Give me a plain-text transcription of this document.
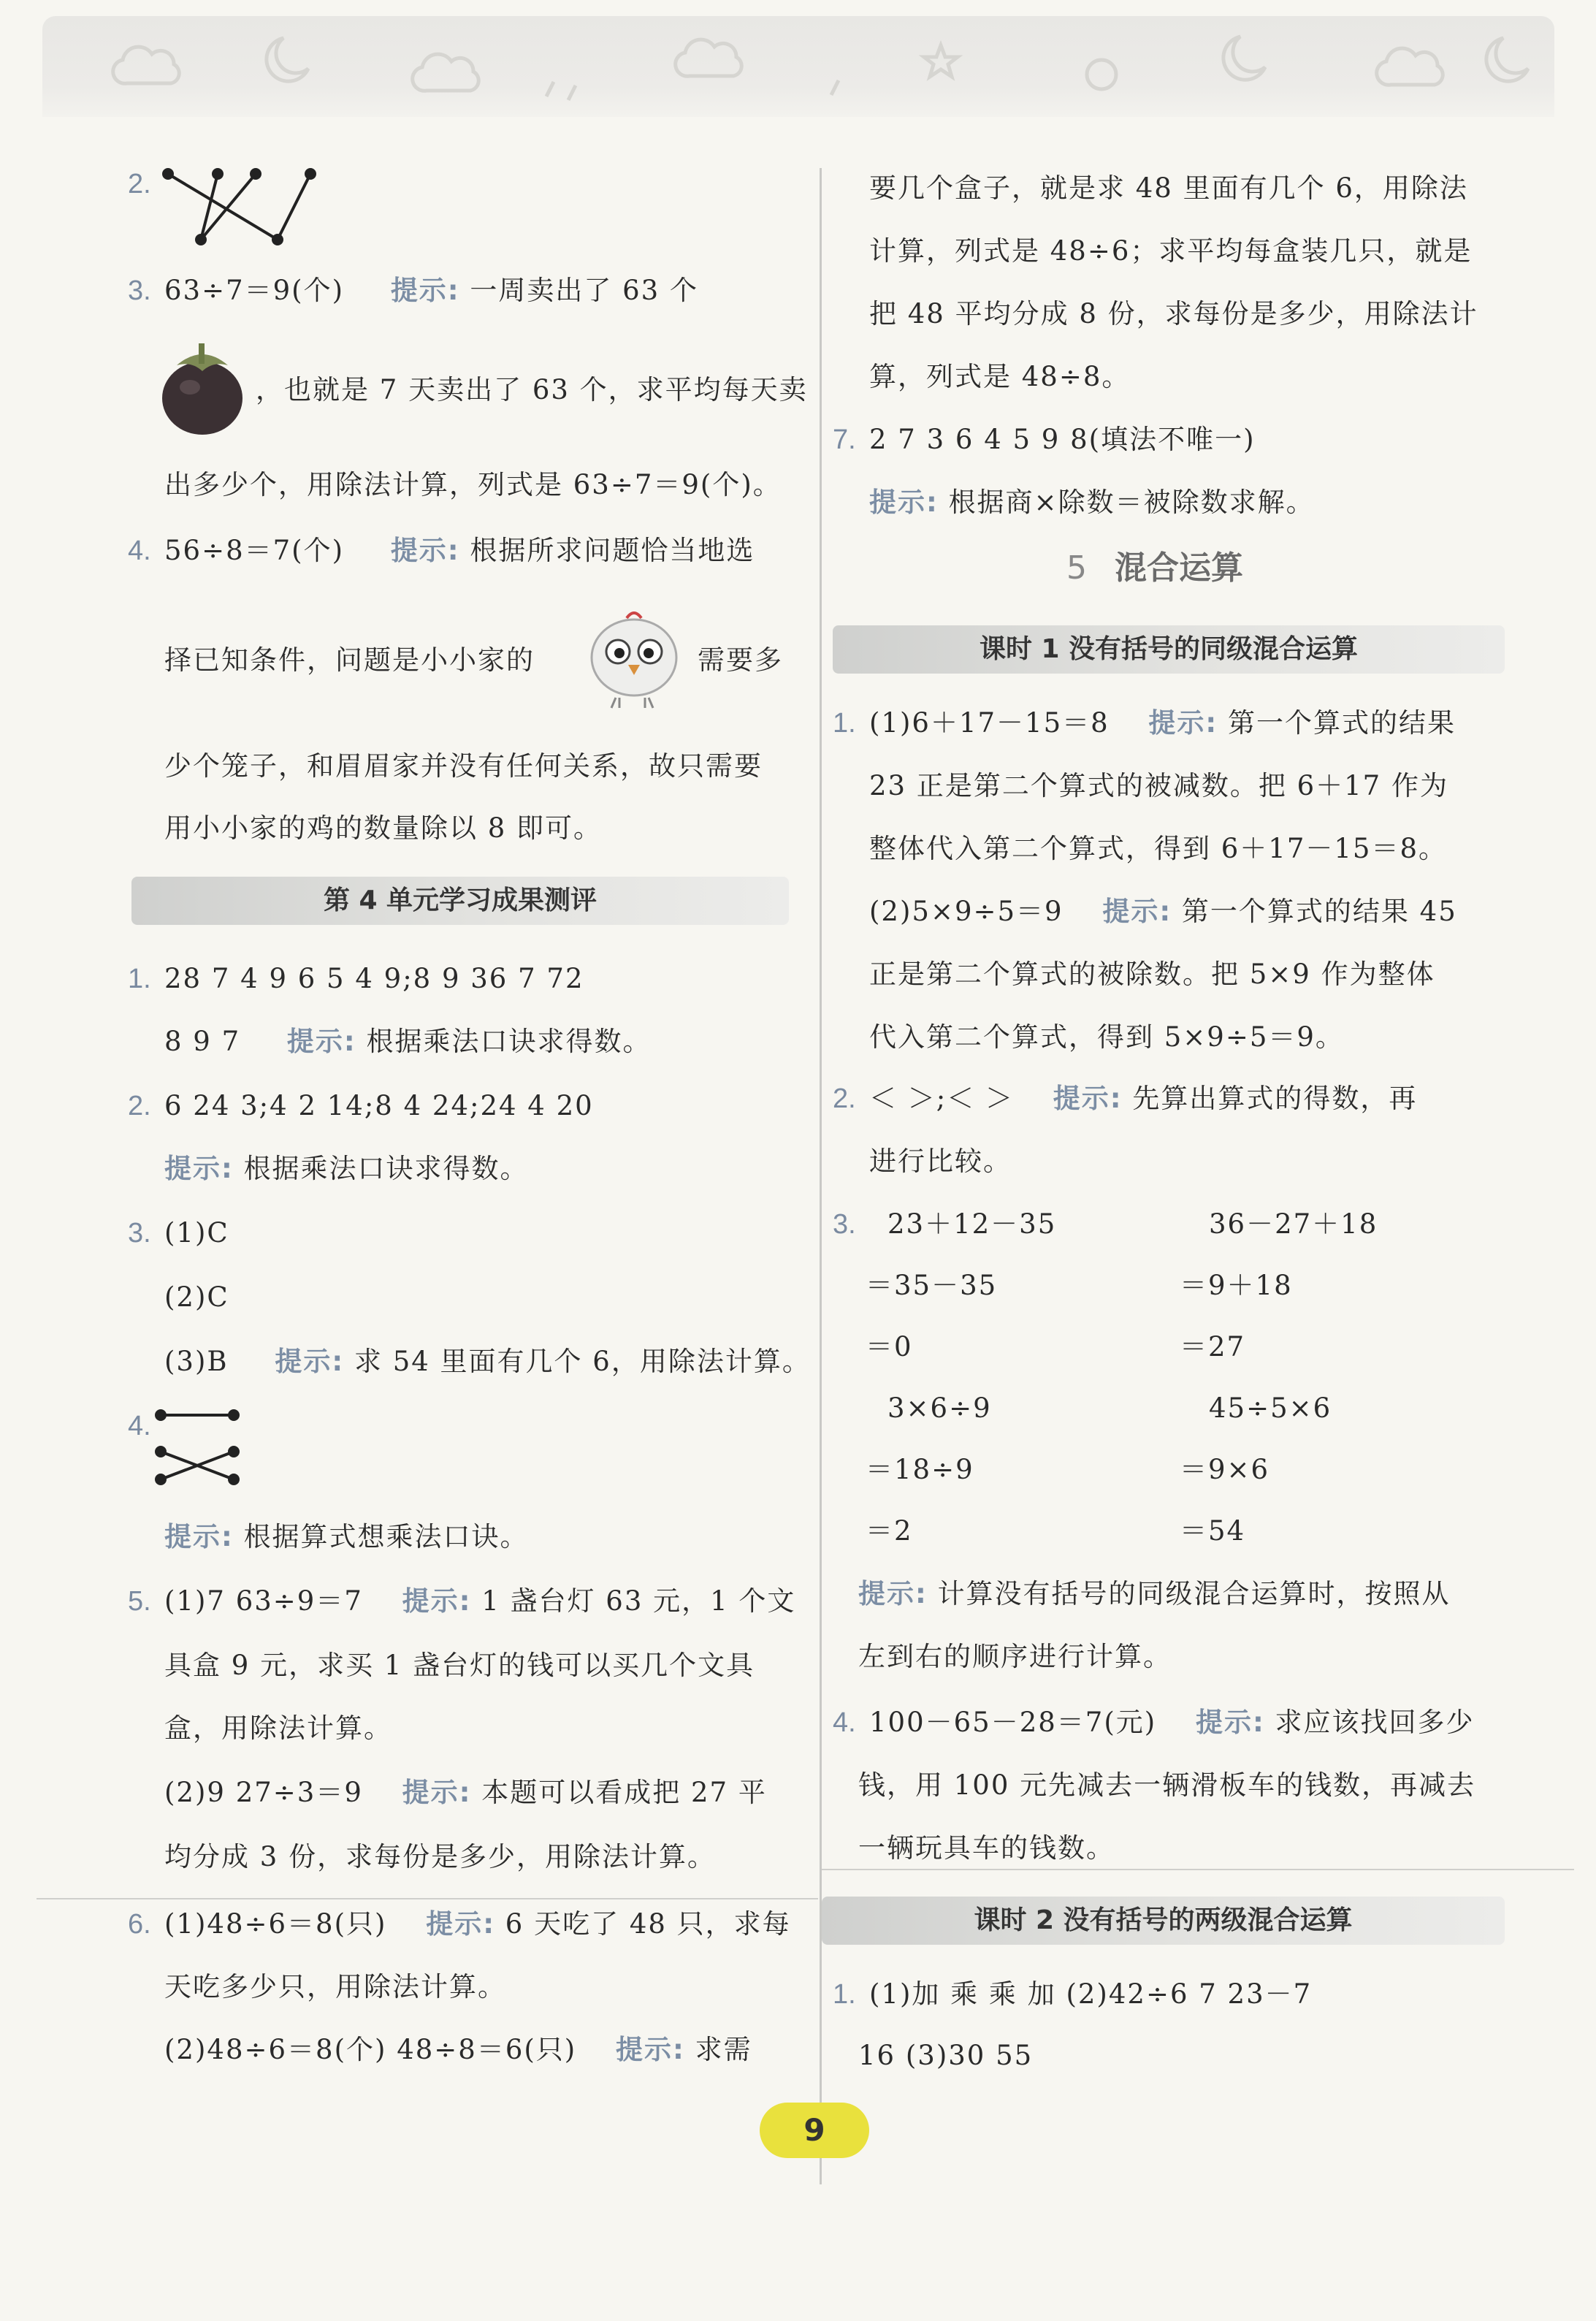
2.
3. 63÷7＝9(个) 提示: 一周卖出了 63 个
，也就是 7 天卖出了 63 个，求平均每天卖
出多少个，用除法计算，列式是 63÷7＝9(个)。
4. 56÷8＝7(个) 提示: 根据所求问题恰当地选
择已知条件，问题是小小家的	需要多
少个笼子，和眉眉家并没有任何关系，故只需要
用小小家的鸡的数量除以 8 即可。
第 4 单元学习成果测评
1. 28 7 4 9 6 5 4 9;8 9 36 7 72
8 9 7 提示: 根据乘法口诀求得数。
2. 6 24 3;4 2 14;8 4 24;24 4 20
提示: 根据乘法口诀求得数。
3. (1)C
(2)C
(3)B 提示: 求 54 里面有几个 6，用除法计算。
4.
提示: 根据算式想乘法口诀。
5. (1)7 63÷9＝7 提示: 1 盏台灯 63 元，1 个文
具盒 9 元，求买 1 盏台灯的钱可以买几个文具
盒，用除法计算。
(2)9 27÷3＝9 提示: 本题可以看成把 27 平
均分成 3 份，求每份是多少，用除法计算。
6. (1)48÷6＝8(只) 提示: 6 天吃了 48 只，求每
天吃多少只，用除法计算。
(2)48÷6＝8(个) 48÷8＝6(只) 提示: 求需
要几个盒子，就是求 48 里面有几个 6，用除法
计算，列式是 48÷6；求平均每盒装几只，就是
把 48 平均分成 8 份，求每份是多少，用除法计
算，列式是 48÷8。
7. 2 7 3 6 4 5 9 8(填法不唯一)
提示: 根据商×除数＝被除数求解。
5 混合运算
课时 1 没有括号的同级混合运算
1. (1)6＋17－15＝8 提示: 第一个算式的结果
23 正是第二个算式的被减数。把 6＋17 作为
整体代入第二个算式，得到 6＋17－15＝8。
(2)5×9÷5＝9 提示: 第一个算式的结果 45
正是第二个算式的被除数。把 5×9 作为整体
代入第二个算式，得到 5×9÷5＝9。
2. ＜ ＞;＜ ＞ 提示: 先算出算式的得数，再
进行比较。
3. 23＋12－35
＝35－35
＝0
36－27＋18
＝9＋18
＝27
3×6÷9
＝18÷9
＝2
45÷5×6
＝9×6
＝54
提示: 计算没有括号的同级混合运算时，按照从
左到右的顺序进行计算。
4. 100－65－28＝7(元) 提示: 求应该找回多少
钱，用 100 元先减去一辆滑板车的钱数，再减去
一辆玩具车的钱数。
课时 2 没有括号的两级混合运算
1. (1)加 乘 乘 加 (2)42÷6 7 23－7
16 (3)30 55
9
